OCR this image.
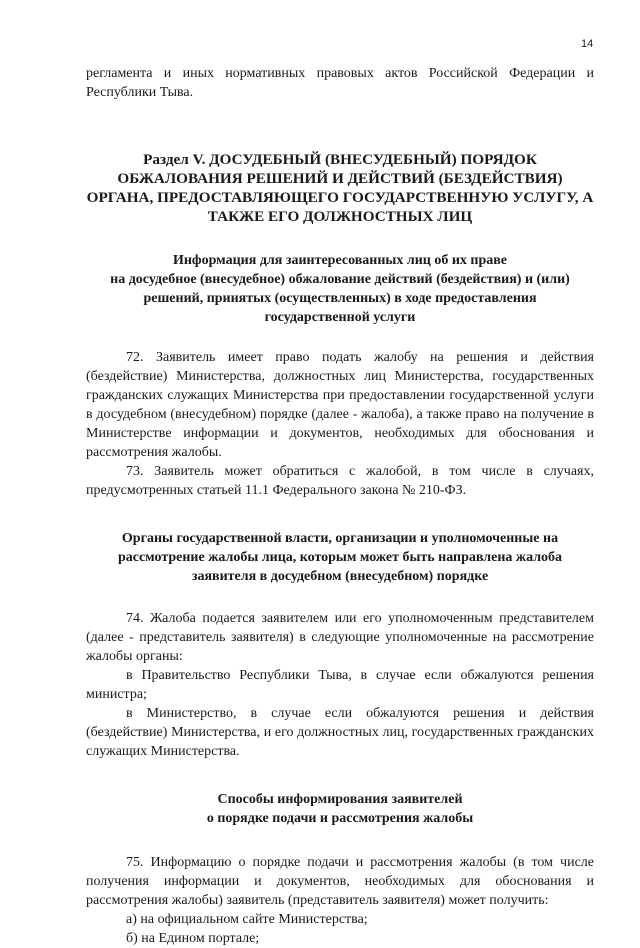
14

регламента и иных нормативных правовых актов Российской Федерации и Республики Тыва.

Раздел V. ДОСУДЕБНЫЙ (ВНЕСУДЕБНЫЙ) ПОРЯДОК
ОБЖАЛОВАНИЯ РЕШЕНИЙ И ДЕЙСТВИЙ (БЕЗДЕЙСТВИЯ)
ОРГАНА, ПРЕДОСТАВЛЯЮЩЕГО ГОСУДАРСТВЕННУЮ УСЛУГУ, А
ТАКЖЕ ЕГО ДОЛЖНОСТНЫХ ЛИЦ
Информация для заинтересованных лиц об их праве
на досудебное (внесудебное) обжалование действий (бездействия) и (или)
решений, принятых (осуществленных) в ходе предоставления
государственной услуги

72. Заявитель имеет право подать жалобу на решения и действия (бездействие) Министерства, должностных лиц Министерства, государственных гражданских служащих Министерства при предоставлении государственной услуги в досудебном (внесудебном) порядке (далее - жалоба), а также право на получение в Министерстве информации и документов, необходимых для обоснования и рассмотрения жалобы.

73. Заявитель может обратиться с жалобой, в том числе в случаях, предусмотренных статьей 11.1 Федерального закона № 210-ФЗ.

Органы государственной власти, организации и уполномоченные на
рассмотрение жалобы лица, которым может быть направлена жалоба
заявителя в досудебном (внесудебном) порядке

74. Жалоба подается заявителем или его уполномоченным представителем (далее - представитель заявителя) в следующие уполномоченные на рассмотрение жалобы органы:

в Правительство Республики Тыва, в случае если обжалуются решения министра;

в Министерство, в случае если обжалуются решения и действия (бездействие) Министерства, и его должностных лиц, государственных гражданских служащих Министерства.

Способы информирования заявителей
о порядке подачи и рассмотрения жалобы

75. Информацию о порядке подачи и рассмотрения жалобы (в том числе получения информации и документов, необходимых для обоснования и рассмотрения жалобы) заявитель (представитель заявителя) может получить:

а) на официальном сайте Министерства;

б) на Едином портале;
